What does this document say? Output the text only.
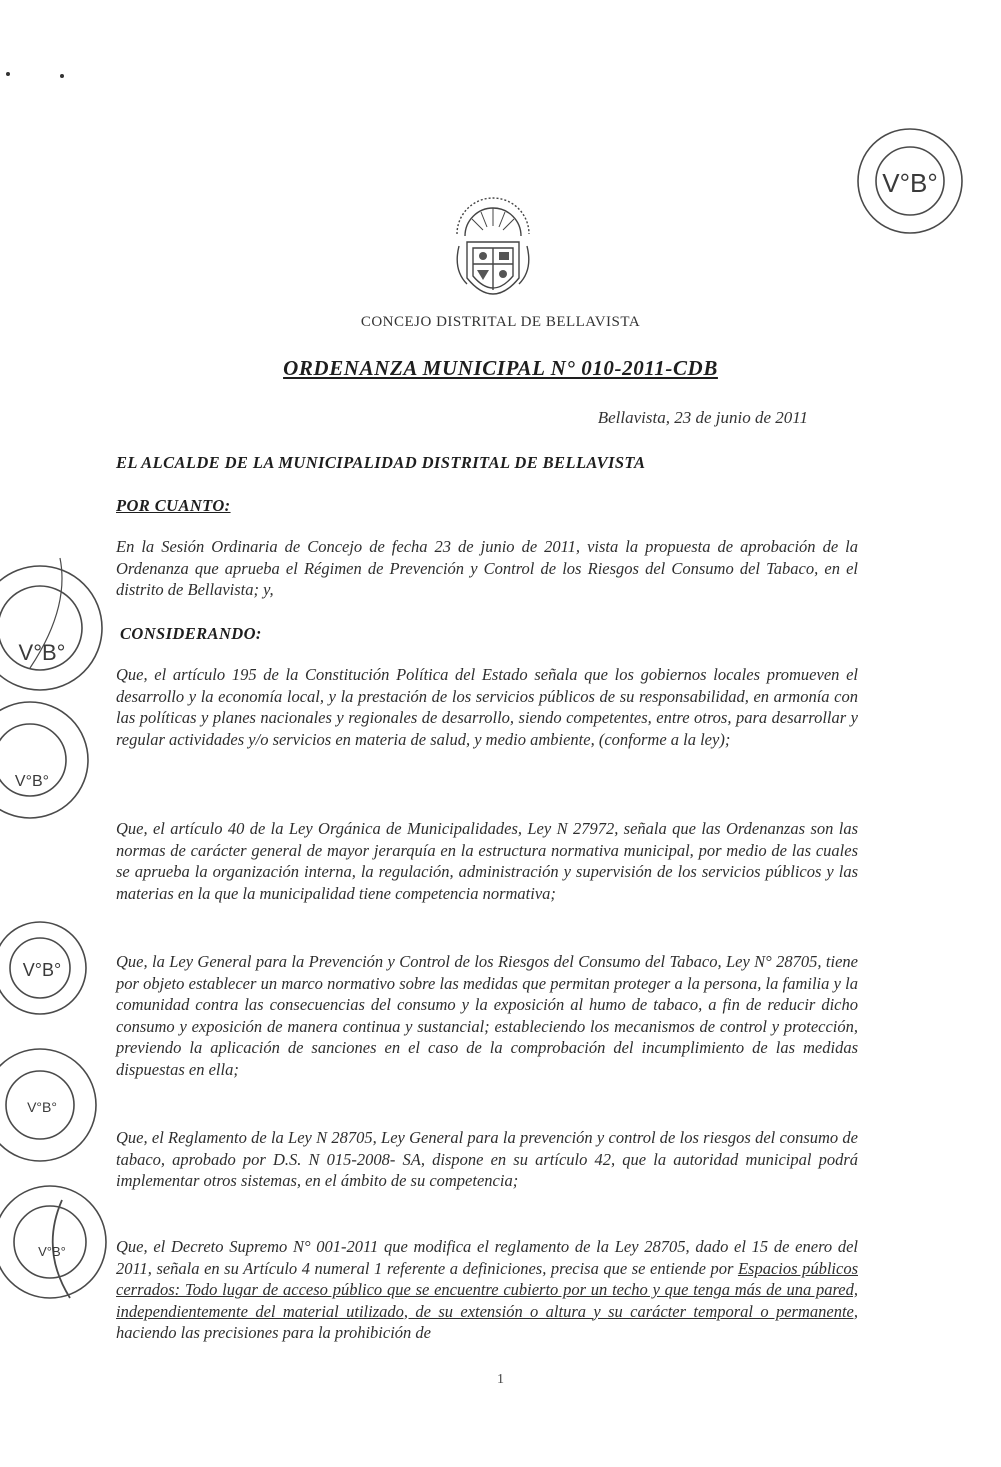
CONCEJO DISTRITAL DE BELLAVISTA
ORDENANZA MUNICIPAL N° 010-2011-CDB
Bellavista, 23 de junio de 2011
EL ALCALDE DE LA MUNICIPALIDAD DISTRITAL DE BELLAVISTA
POR CUANTO:
En la Sesión Ordinaria de Concejo de fecha 23 de junio de 2011, vista la propuesta de aprobación de la Ordenanza que aprueba el Régimen de Prevención y Control de los Riesgos del Consumo del Tabaco, en el distrito de Bellavista; y,
CONSIDERANDO:
Que, el artículo 195 de la Constitución Política del Estado señala que los gobiernos locales promueven el desarrollo y la economía local, y la prestación de los servicios públicos de su responsabilidad, en armonía con las políticas y planes nacionales y regionales de desarrollo, siendo competentes, entre otros, para desarrollar y regular actividades y/o servicios en materia de salud, y medio ambiente, (conforme a la ley);
Que, el artículo 40 de la Ley Orgánica de Municipalidades, Ley N 27972, señala que las Ordenanzas son las normas de carácter general de mayor jerarquía en la estructura normativa municipal, por medio de las cuales se aprueba la organización interna, la regulación, administración y supervisión de los servicios públicos y las materias en la que la municipalidad tiene competencia normativa;
Que, la Ley General para la Prevención y Control de los Riesgos del Consumo del Tabaco, Ley N° 28705, tiene por objeto establecer un marco normativo sobre las medidas que permitan proteger a la persona, la familia y la comunidad contra las consecuencias del consumo y la exposición al humo de tabaco, a fin de reducir dicho consumo y exposición de manera continua y sustancial; estableciendo los mecanismos de control y protección, previendo la aplicación de sanciones en el caso de la comprobación del incumplimiento de las medidas dispuestas en ella;
Que, el Reglamento de la Ley N 28705, Ley General para la prevención y control de los riesgos del consumo de tabaco, aprobado por D.S. N 015-2008- SA, dispone en su artículo 42, que la autoridad municipal podrá implementar otros sistemas, en el ámbito de su competencia;
Que, el Decreto Supremo N° 001-2011 que modifica el reglamento de la Ley 28705, dado el 15 de enero del 2011, señala en su Artículo 4 numeral 1 referente a definiciones, precisa que se entiende por Espacios públicos cerrados: Todo lugar de acceso público que se encuentre cubierto por un techo y que tenga más de una pared, independientemente del material utilizado, de su extensión o altura y su carácter temporal o permanente, haciendo las precisiones para la prohibición de
1
V°B°
V°B°
V°B°
V°B°
V°B°
V°B°
